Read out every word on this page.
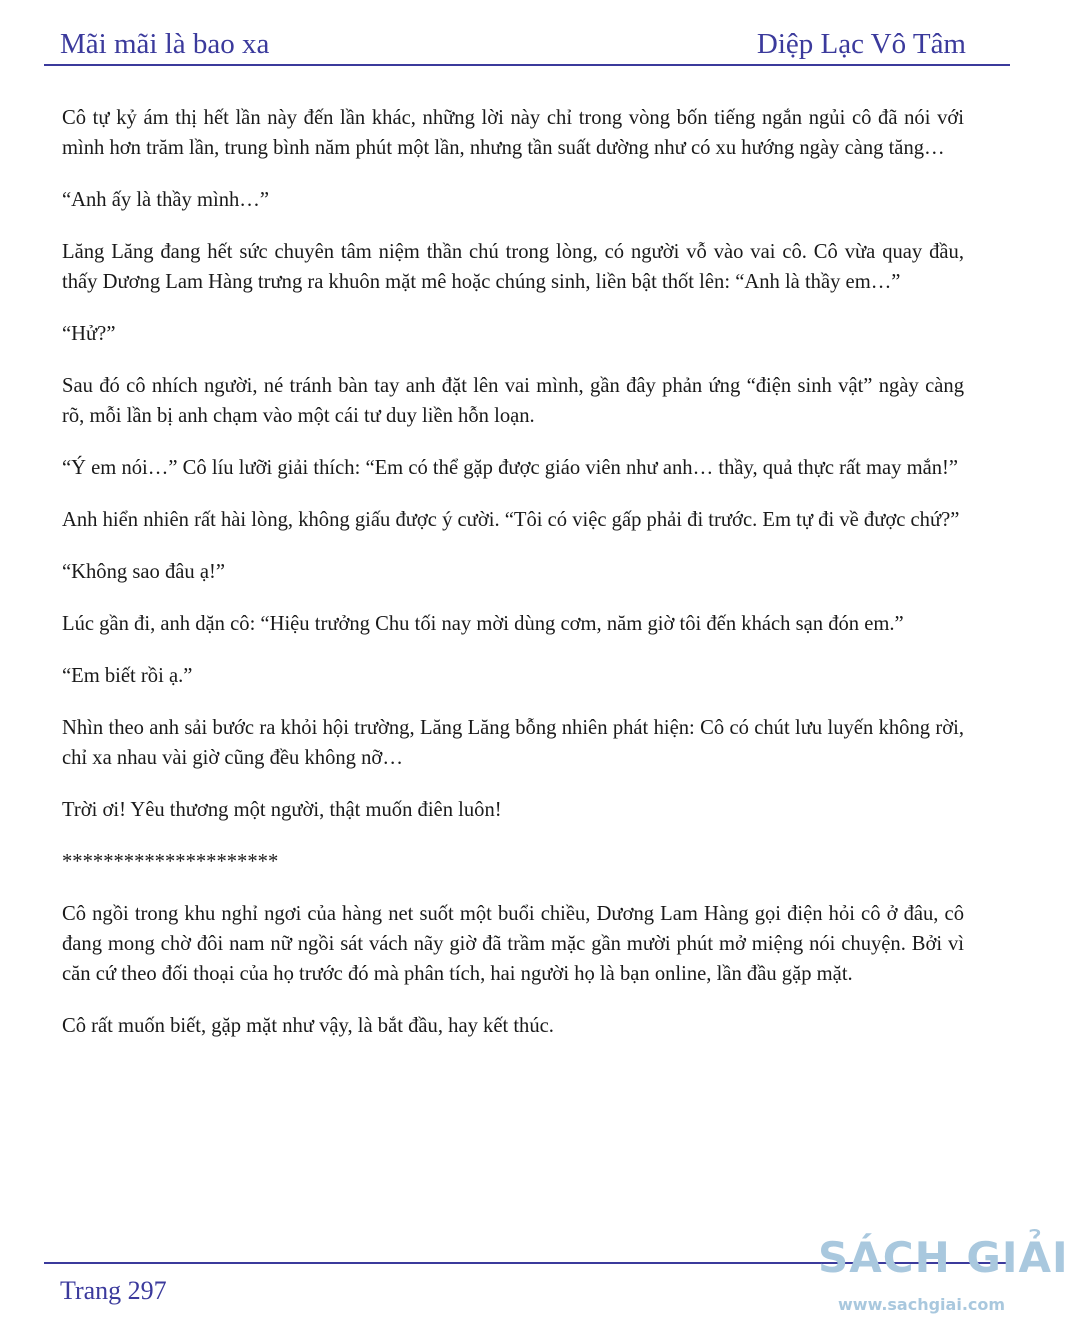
Mãi mãi là bao xa	Diệp Lạc Vô Tâm

Cô tự kỷ ám thị hết lần này đến lần khác, những lời này chỉ trong vòng bốn tiếng ngắn ngủi cô đã nói với mình hơn trăm lần, trung bình năm phút một lần, nhưng tần suất dường như có xu hướng ngày càng tăng…

“Anh ấy là thầy mình…”

Lăng Lăng đang hết sức chuyên tâm niệm thần chú trong lòng, có người vỗ vào vai cô. Cô vừa quay đầu, thấy Dương Lam Hàng trưng ra khuôn mặt mê hoặc chúng sinh, liền bật thốt lên: “Anh là thầy em…”

“Hử?”

Sau đó cô nhích người, né tránh bàn tay anh đặt lên vai mình, gần đây phản ứng “điện sinh vật” ngày càng rõ, mỗi lần bị anh chạm vào một cái tư duy liền hỗn loạn.

“Ý em nói…” Cô líu lưỡi giải thích: “Em có thể gặp được giáo viên như anh… thầy, quả thực rất may mắn!”

Anh hiển nhiên rất hài lòng, không giấu được ý cười. “Tôi có việc gấp phải đi trước. Em tự đi về được chứ?”

“Không sao đâu ạ!”

Lúc gần đi, anh dặn cô: “Hiệu trưởng Chu tối nay mời dùng cơm, năm giờ tôi đến khách sạn đón em.”

“Em biết rồi ạ.”

Nhìn theo anh sải bước ra khỏi hội trường, Lăng Lăng bỗng nhiên phát hiện: Cô có chút lưu luyến không rời, chỉ xa nhau vài giờ cũng đều không nỡ…

Trời ơi! Yêu thương một người, thật muốn điên luôn!

*********************

Cô ngồi trong khu nghỉ ngơi của hàng net suốt một buổi chiều, Dương Lam Hàng gọi điện hỏi cô ở đâu, cô đang mong chờ đôi nam nữ ngồi sát vách nãy giờ đã trầm mặc gần mười phút mở miệng nói chuyện. Bởi vì căn cứ theo đối thoại của họ trước đó mà phân tích, hai người họ là bạn online, lần đầu gặp mặt.

Cô rất muốn biết, gặp mặt như vậy, là bắt đầu, hay kết thúc.

Trang 297
SÁCH GIẢI
www.sachgiai.com
